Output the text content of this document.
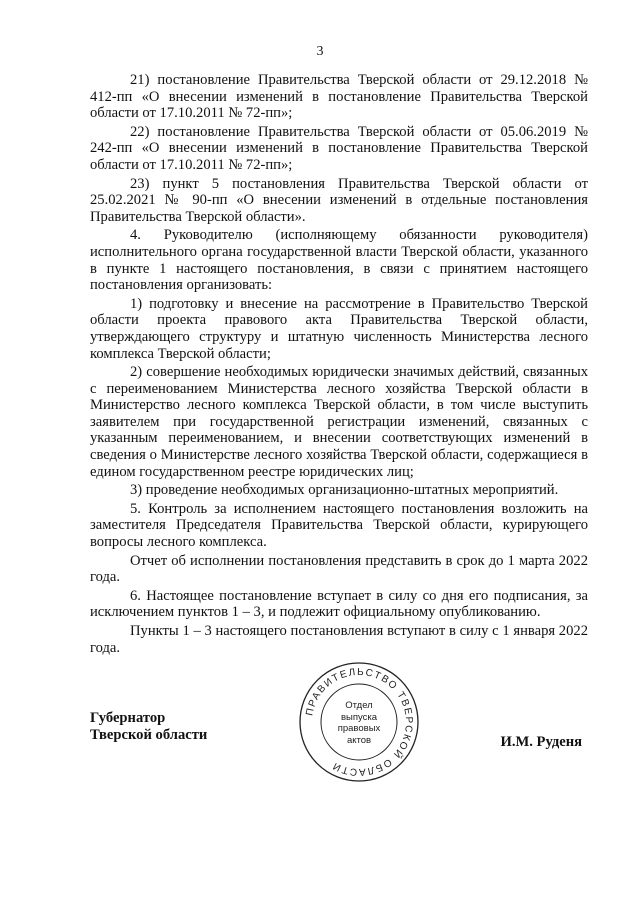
3

21) постановление Правительства Тверской области от 29.12.2018 № 412-пп «О внесении изменений в постановление Правительства Тверской области от 17.10.2011 № 72-пп»;

22) постановление Правительства Тверской области от 05.06.2019 № 242-пп «О внесении изменений в постановление Правительства Тверской области от 17.10.2011 № 72-пп»;

23) пункт 5 постановления Правительства Тверской области от 25.02.2021 № 90-пп «О внесении изменений в отдельные постановления Правительства Тверской области».

4. Руководителю (исполняющему обязанности руководителя) исполнительного органа государственной власти Тверской области, указанного в пункте 1 настоящего постановления, в связи с принятием настоящего постановления организовать:

1) подготовку и внесение на рассмотрение в Правительство Тверской области проекта правового акта Правительства Тверской области, утверждающего структуру и штатную численность Министерства лесного комплекса Тверской области;

2) совершение необходимых юридически значимых действий, связанных с переименованием Министерства лесного хозяйства Тверской области в Министерство лесного комплекса Тверской области, в том числе выступить заявителем при государственной регистрации изменений, связанных с указанным переименованием, и внесении соответствующих изменений в сведения о Министерстве лесного хозяйства Тверской области, содержащиеся в едином государственном реестре юридических лиц;

3) проведение необходимых организационно-штатных мероприятий.

5. Контроль за исполнением настоящего постановления возложить на заместителя Председателя Правительства Тверской области, курирующего вопросы лесного комплекса.

Отчет об исполнении постановления представить в срок до 1 марта 2022 года.

6. Настоящее постановление вступает в силу со дня его подписания, за исключением пунктов 1 – 3, и подлежит официальному опубликованию.

Пункты 1 – 3 настоящего постановления вступают в силу с 1 января 2022 года.

ПРАВИТЕЛЬСТВО ТВЕРСКОЙ ОБЛАСТИ
Отдел
выпуска
правовых
актов
Губернатор
Тверской области	И.М. Руденя
